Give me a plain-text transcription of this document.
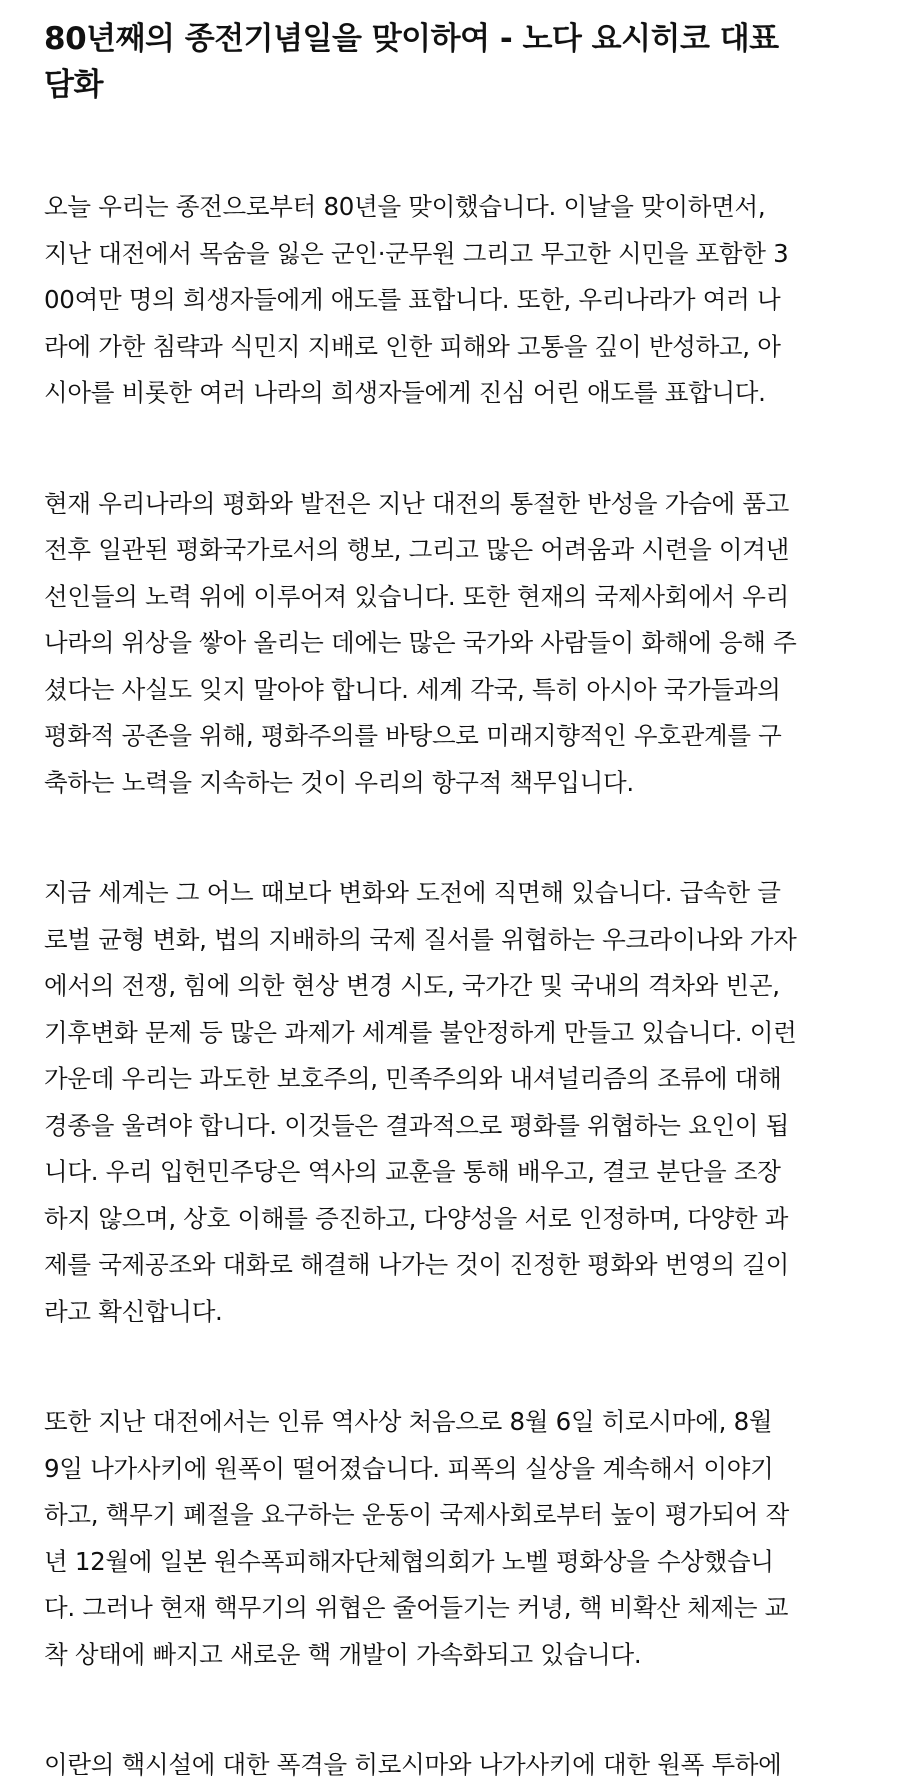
80년째의 종전기념일을 맞이하여 - 노다 요시히코 대표
담화
오늘 우리는 종전으로부터 80년을 맞이했습니다. 이날을 맞이하면서,
지난 대전에서 목숨을 잃은 군인·군무원 그리고 무고한 시민을 포함한 3
00여만 명의 희생자들에게 애도를 표합니다. 또한, 우리나라가 여러 나
라에 가한 침략과 식민지 지배로 인한 피해와 고통을 깊이 반성하고, 아
시아를 비롯한 여러 나라의 희생자들에게 진심 어린 애도를 표합니다.
현재 우리나라의 평화와 발전은 지난 대전의 통절한 반성을 가슴에 품고
전후 일관된 평화국가로서의 행보, 그리고 많은 어려움과 시련을 이겨낸
선인들의 노력 위에 이루어져 있습니다. 또한 현재의 국제사회에서 우리
나라의 위상을 쌓아 올리는 데에는 많은 국가와 사람들이 화해에 응해 주
셨다는 사실도 잊지 말아야 합니다. 세계 각국, 특히 아시아 국가들과의
평화적 공존을 위해, 평화주의를 바탕으로 미래지향적인 우호관계를 구
축하는 노력을 지속하는 것이 우리의 항구적 책무입니다.
지금 세계는 그 어느 때보다 변화와 도전에 직면해 있습니다. 급속한 글
로벌 균형 변화, 법의 지배하의 국제 질서를 위협하는 우크라이나와 가자
에서의 전쟁, 힘에 의한 현상 변경 시도, 국가간 및 국내의 격차와 빈곤,
기후변화 문제 등 많은 과제가 세계를 불안정하게 만들고 있습니다. 이런
가운데 우리는 과도한 보호주의, 민족주의와 내셔널리즘의 조류에 대해
경종을 울려야 합니다. 이것들은 결과적으로 평화를 위협하는 요인이 됩
니다. 우리 입헌민주당은 역사의 교훈을 통해 배우고, 결코 분단을 조장
하지 않으며, 상호 이해를 증진하고, 다양성을 서로 인정하며, 다양한 과
제를 국제공조와 대화로 해결해 나가는 것이 진정한 평화와 번영의 길이
라고 확신합니다.
또한 지난 대전에서는 인류 역사상 처음으로 8월 6일 히로시마에, 8월
9일 나가사키에 원폭이 떨어졌습니다. 피폭의 실상을 계속해서 이야기
하고, 핵무기 폐절을 요구하는 운동이 국제사회로부터 높이 평가되어 작
년 12월에 일본 원수폭피해자단체협의회가 노벨 평화상을 수상했습니
다. 그러나 현재 핵무기의 위협은 줄어들기는 커녕, 핵 비확산 체제는 교
착 상태에 빠지고 새로운 핵 개발이 가속화되고 있습니다.
이란의 핵시설에 대한 폭격을 히로시마와 나가사키에 대한 원폭 투하에
